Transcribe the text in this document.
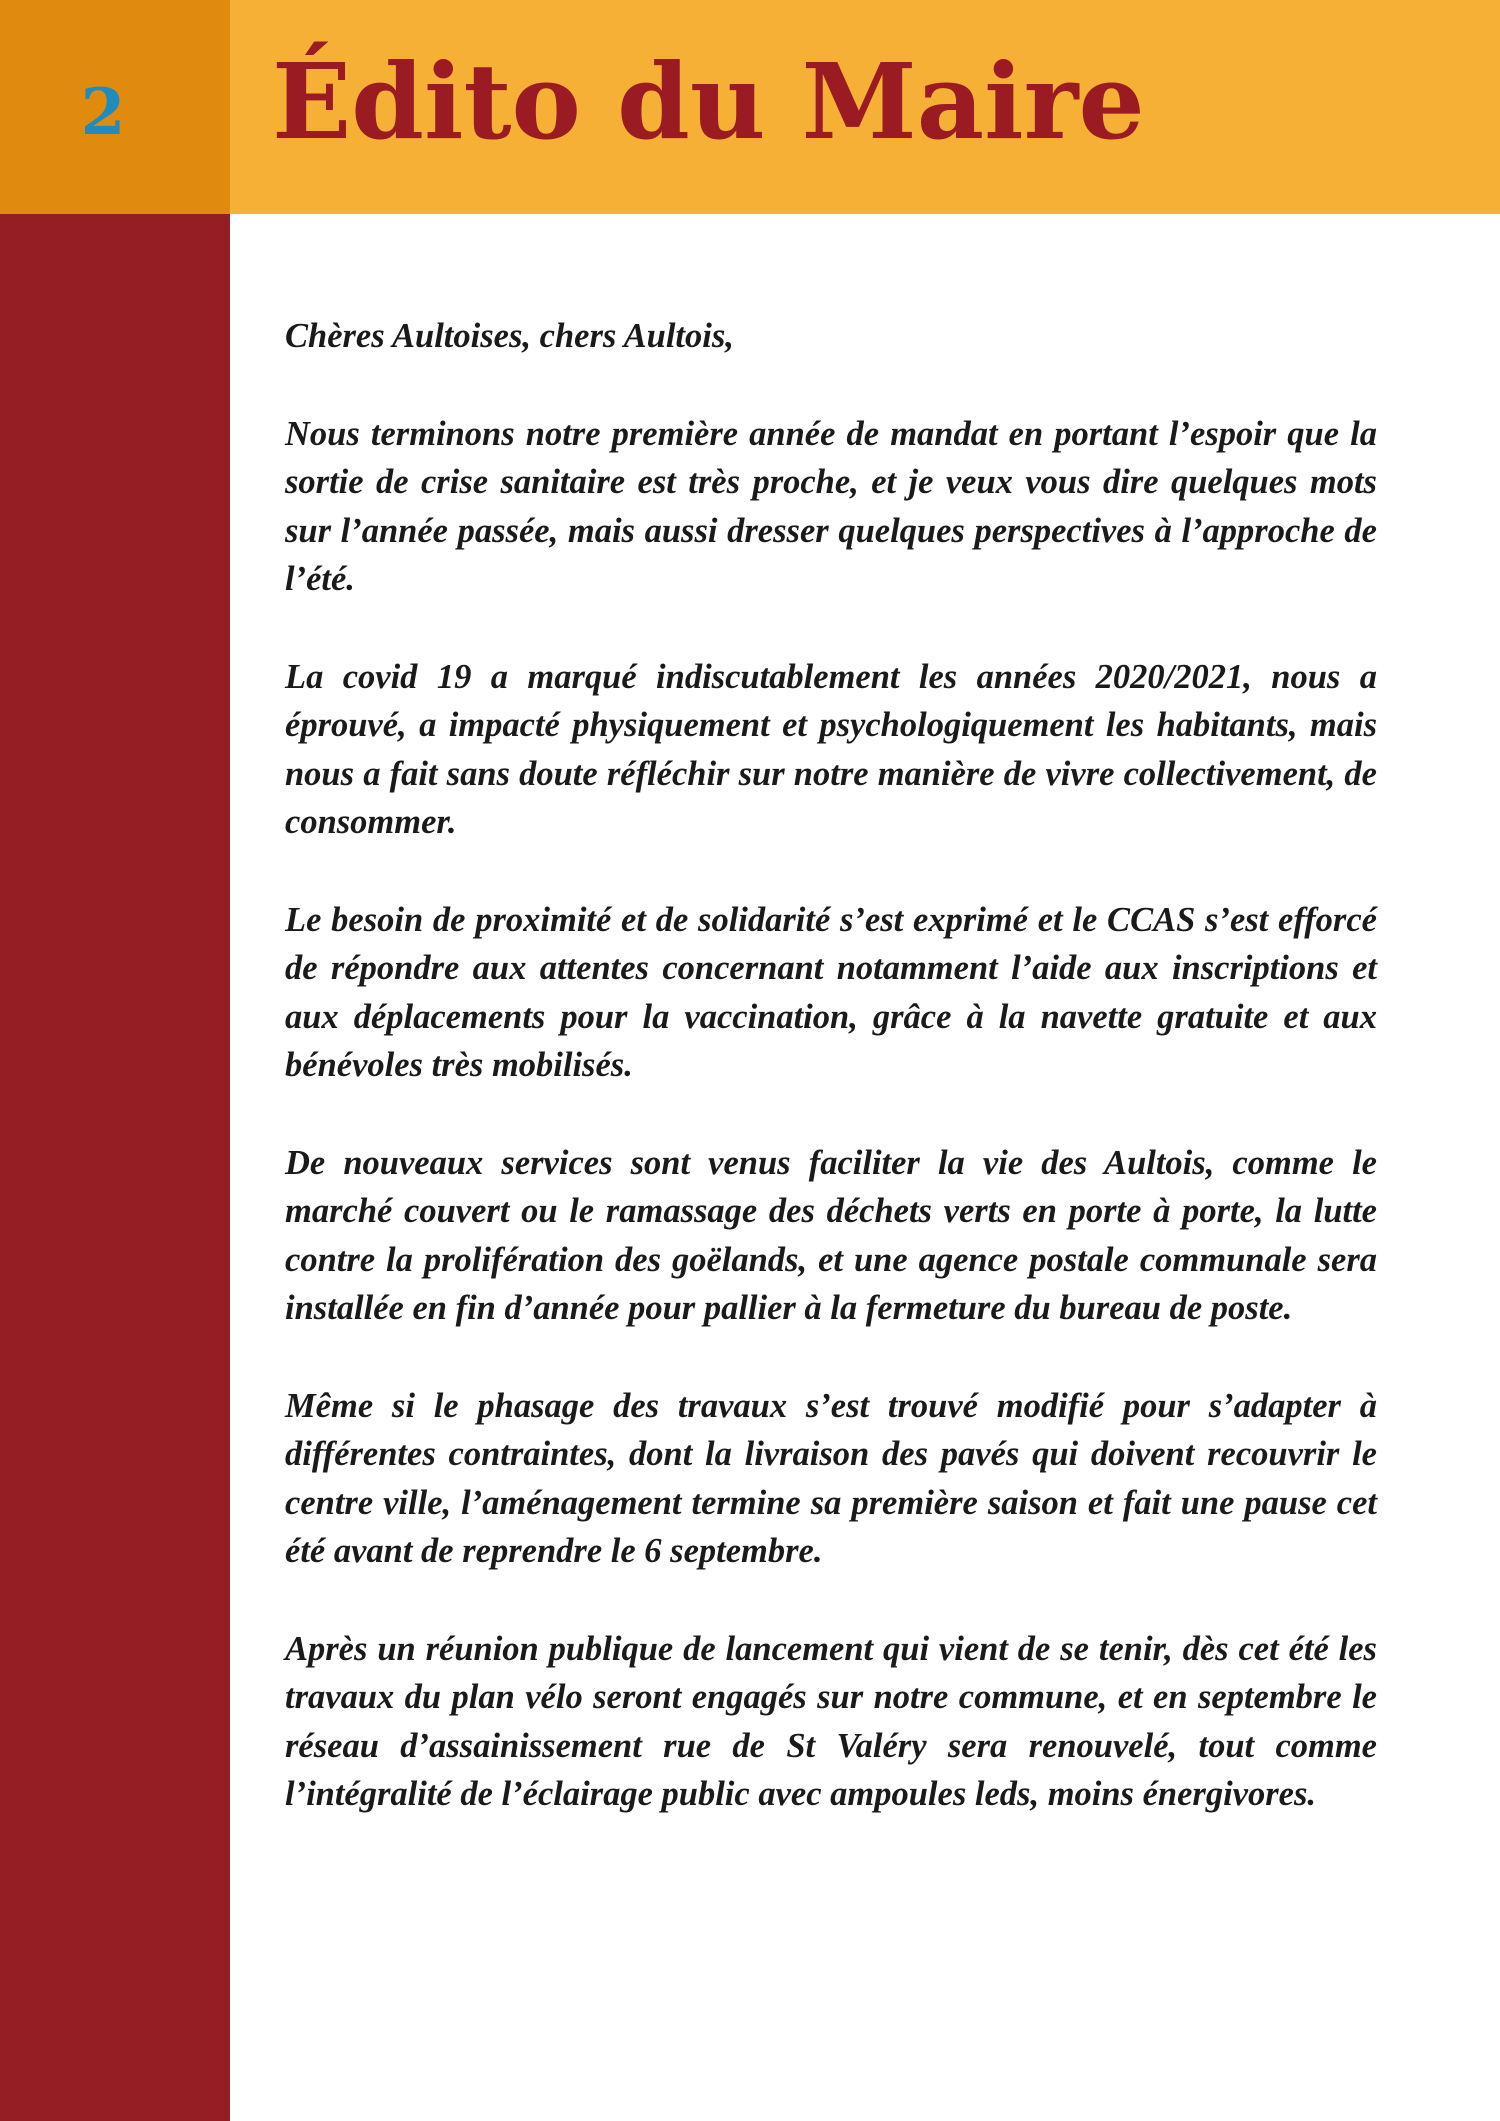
2	Édito du Maire

Chères Aultoises, chers Aultois,

Nous terminons notre première année de mandat en portant l’espoir que la sortie de crise sanitaire est très proche, et je veux vous dire quelques mots sur l’année passée, mais aussi dresser quelques perspectives à l’approche de l’été.

La covid 19 a marqué indiscutablement les années 2020/2021, nous a éprouvé, a impacté physiquement et psychologiquement les habitants, mais nous a fait sans doute réfléchir sur notre manière de vivre collectivement, de consommer.

Le besoin de proximité et de solidarité s’est exprimé et le CCAS s’est efforcé de répondre aux attentes concernant notamment l’aide aux inscriptions et aux déplacements pour la vaccination, grâce à la navette gratuite et aux bénévoles très mobilisés.

De nouveaux services sont venus faciliter la vie des Aultois, comme le marché couvert ou le ramassage des déchets verts en porte à porte, la lutte contre la prolifération des goëlands, et une agence postale communale sera installée en fin d’année pour pallier à la fermeture du bureau de poste.

Même si le phasage des travaux s’est trouvé modifié pour s’adapter à différentes contraintes, dont la livraison des pavés qui doivent recouvrir le centre ville, l’aménagement termine sa première saison et fait une pause cet été avant de reprendre le 6 septembre.

Après un réunion publique de lancement qui vient de se tenir, dès cet été les travaux du plan vélo seront engagés sur notre commune, et en septembre le réseau d’assainissement rue de St Valéry sera renouvelé, tout comme l’intégralité de l’éclairage public avec ampoules leds, moins énergivores.
